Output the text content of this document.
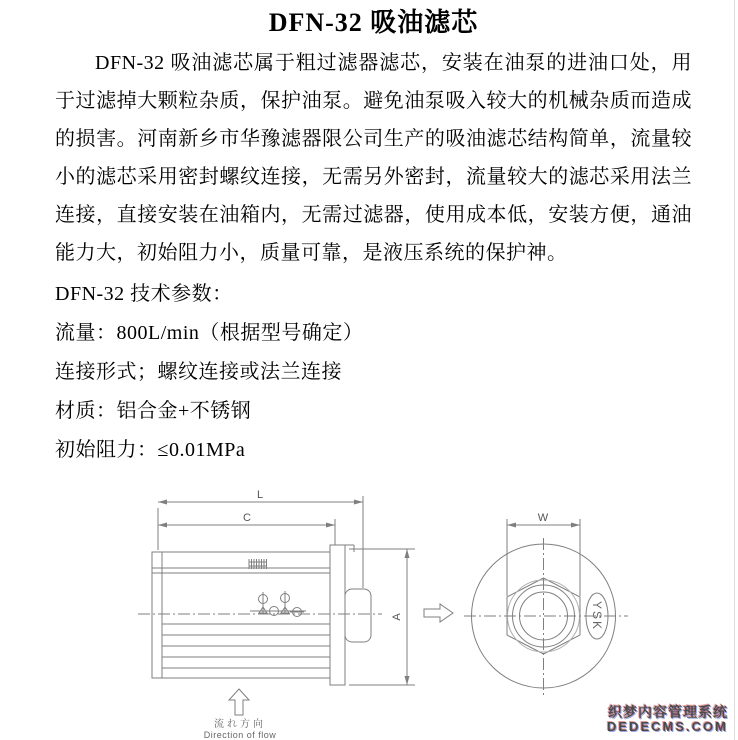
DFN-32 吸油滤芯
DFN-32 吸油滤芯属于粗过滤器滤芯，安装在油泵的进油口处，用于过滤掉大颗粒杂质，保护油泵。避免油泵吸入较大的机械杂质而造成的损害。河南新乡市华豫滤器限公司生产的吸油滤芯结构简单，流量较小的滤芯采用密封螺纹连接，无需另外密封，流量较大的滤芯采用法兰连接，直接安装在油箱内，无需过滤器，使用成本低，安装方便，通油能力大，初始阻力小，质量可靠，是液压系统的保护神。
DFN-32 技术参数：
流量：800L/min（根据型号确定）
连接形式；螺纹连接或法兰连接
材质：铝合金+不锈钢
初始阻力：≤0.01MPa
L
C
A
W
YSK
流れ方向
Direction of flow
织梦内容管理系统
DEDECMS.COM
